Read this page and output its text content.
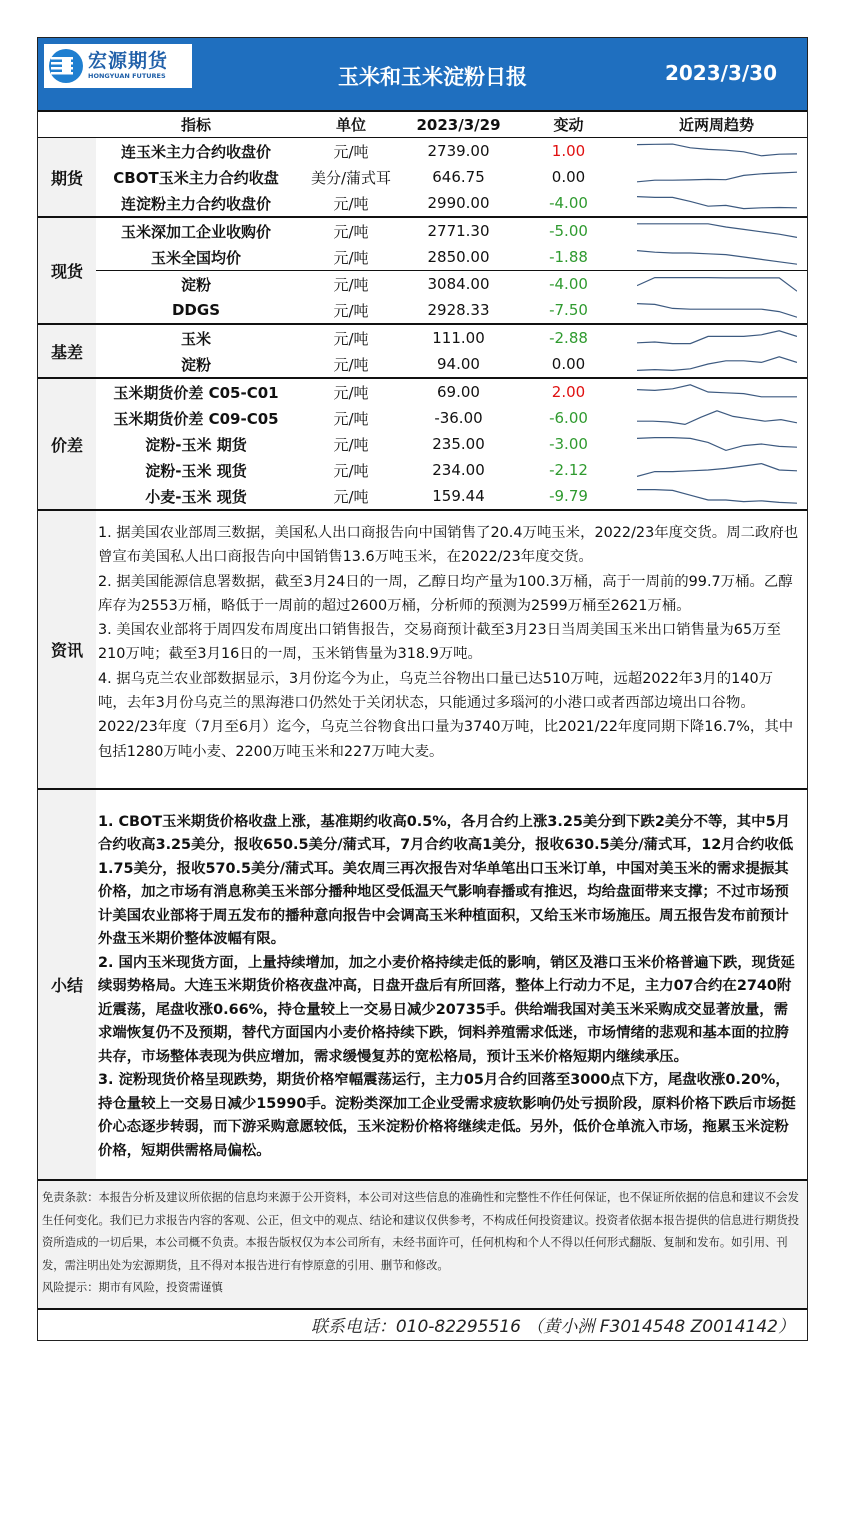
宏源期货
HONGYUAN FUTURES	玉米和玉米淀粉日报	2023/3/30
	指标	单位	2023/3/29	变动	近两周趋势
期货	连玉米主力合约收盘价	元/吨	2739.00	1.00	

	CBOT玉米主力合约收盘	美分/蒲式耳	646.75	0.00	

	连淀粉主力合约收盘价	元/吨	2990.00	-4.00	

现货	玉米深加工企业收购价	元/吨	2771.30	-5.00	

	玉米全国均价	元/吨	2850.00	-1.88	

	淀粉	元/吨	3084.00	-4.00	

	DDGS	元/吨	2928.33	-7.50	

基差	玉米	元/吨	111.00	-2.88	

	淀粉	元/吨	94.00	0.00	

价差	玉米期货价差 C05-C01	元/吨	69.00	2.00	

	玉米期货价差 C09-C05	元/吨	-36.00	-6.00	

	淀粉-玉米 期货	元/吨	235.00	-3.00	

	淀粉-玉米 现货	元/吨	234.00	-2.12	

	小麦-玉米 现货	元/吨	159.44	-9.79	
资讯
1. 据美国农业部周三数据，美国私人出口商报告向中国销售了20.4万吨玉米，2022/23年度交货。周二政府也曾宣布美国私人出口商报告向中国销售13.6万吨玉米，在2022/23年度交货。
2. 据美国能源信息署数据，截至3月24日的一周，乙醇日均产量为100.3万桶，高于一周前的99.7万桶。乙醇库存为2553万桶，略低于一周前的超过2600万桶，分析师的预测为2599万桶至2621万桶。
3. 美国农业部将于周四发布周度出口销售报告，交易商预计截至3月23日当周美国玉米出口销售量为65万至210万吨；截至3月16日的一周，玉米销售量为318.9万吨。
4. 据乌克兰农业部数据显示，3月份迄今为止，乌克兰谷物出口量已达510万吨，远超2022年3月的140万吨，去年3月份乌克兰的黑海港口仍然处于关闭状态，只能通过多瑙河的小港口或者西部边境出口谷物。2022/23年度（7月至6月）迄今，乌克兰谷物食出口量为3740万吨，比2021/22年度同期下降16.7%，其中包括1280万吨小麦、2200万吨玉米和227万吨大麦。
小结
1. CBOT玉米期货价格收盘上涨，基准期约收高0.5%，各月合约上涨3.25美分到下跌2美分不等，其中5月合约收高3.25美分，报收650.5美分/蒲式耳，7月合约收高1美分，报收630.5美分/蒲式耳，12月合约收低1.75美分，报收570.5美分/蒲式耳。美农周三再次报告对华单笔出口玉米订单，中国对美玉米的需求提振其价格，加之市场有消息称美玉米部分播种地区受低温天气影响春播或有推迟，均给盘面带来支撑；不过市场预计美国农业部将于周五发布的播种意向报告中会调高玉米种植面积，又给玉米市场施压。周五报告发布前预计外盘玉米期价整体波幅有限。
2. 国内玉米现货方面，上量持续增加，加之小麦价格持续走低的影响，销区及港口玉米价格普遍下跌，现货延续弱势格局。大连玉米期货价格夜盘冲高，日盘开盘后有所回落，整体上行动力不足，主力07合约在2740附近震荡，尾盘收涨0.66%，持仓量较上一交易日减少20735手。供给端我国对美玉米采购成交显著放量，需求端恢复仍不及预期，替代方面国内小麦价格持续下跌，饲料养殖需求低迷，市场情绪的悲观和基本面的拉胯共存，市场整体表现为供应增加，需求缓慢复苏的宽松格局，预计玉米价格短期内继续承压。
3. 淀粉现货价格呈现跌势，期货价格窄幅震荡运行，主力05月合约回落至3000点下方，尾盘收涨0.20%，持仓量较上一交易日减少15990手。淀粉类深加工企业受需求疲软影响仍处亏损阶段，原料价格下跌后市场挺价心态逐步转弱，而下游采购意愿较低，玉米淀粉价格将继续走低。另外，低价仓单流入市场，拖累玉米淀粉价格，短期供需格局偏松。
免责条款：本报告分析及建议所依据的信息均来源于公开资料，本公司对这些信息的准确性和完整性不作任何保证，也不保证所依据的信息和建议不会发生任何变化。我们已力求报告内容的客观、公正，但文中的观点、结论和建议仅供参考，不构成任何投资建议。投资者依据本报告提供的信息进行期货投资所造成的一切后果，本公司概不负责。本报告版权仅为本公司所有，未经书面许可，任何机构和个人不得以任何形式翻版、复制和发布。如引用、刊发，需注明出处为宏源期货，且不得对本报告进行有悖原意的引用、删节和修改。
风险提示：期市有风险，投资需谨慎
联系电话：010-82295516 （黄小洲 F3014548 Z0014142）
